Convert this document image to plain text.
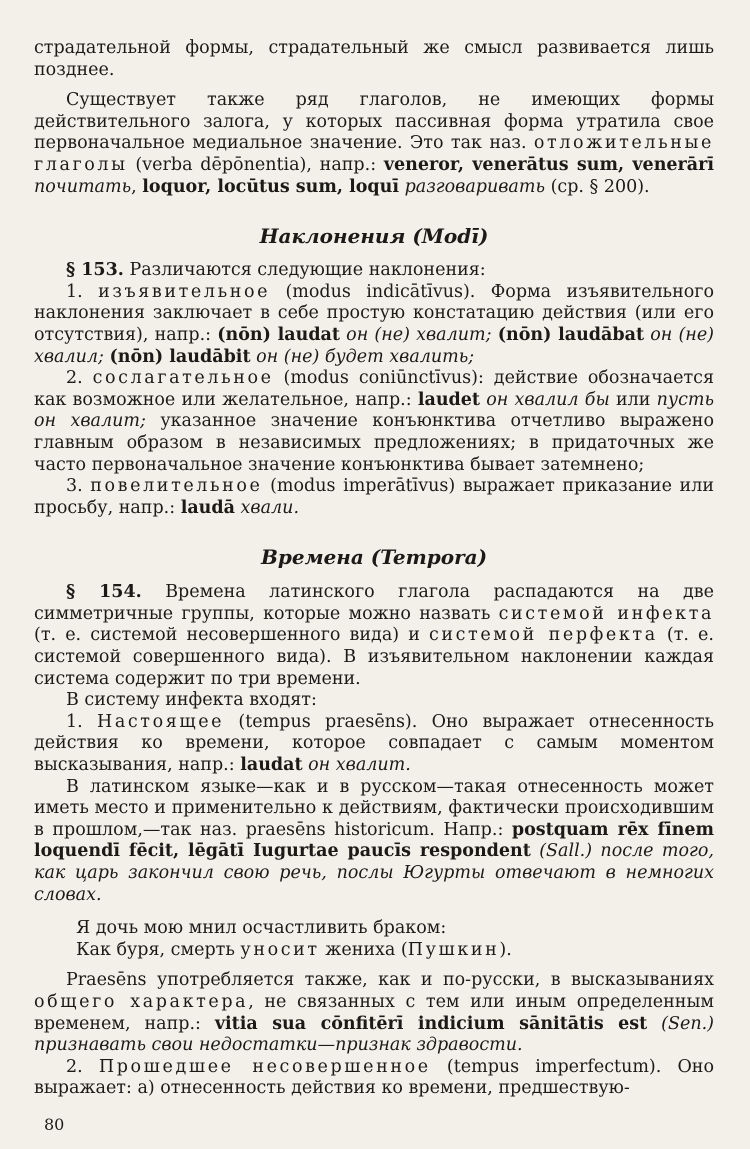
страдательной формы, страдательный же смысл развивается лишь позднее.

Существует также ряд глаголов, не имеющих формы действительного залога, у которых пассивная форма утратила свое первоначальное медиальное значение. Это так наз. отложительные глаголы (verba dēpōnentia), напр.: veneror, venerātus sum, venerārī почитать, loquor, locūtus sum, loquī разговаривать (ср. § 200).

Наклонения (Modī)

§ 153. Различаются следующие наклонения:

1. изъявительное (modus indicātīvus). Форма изъявительного наклонения заключает в себе простую констатацию действия (или его отсутствия), напр.: (nōn) laudat он (не) хвалит; (nōn) laudābat он (не) хвалил; (nōn) laudābit он (не) будет хвалить;

2. сослагательное (modus coniūnctīvus): действие обозначается как возможное или желательное, напр.: laudet он хвалил бы или пусть он хвалит; указанное значение конъюнктива отчетливо выражено главным образом в независимых предложениях; в придаточных же часто первоначальное значение конъюнктива бывает затемнено;

3. повелительное (modus imperātīvus) выражает приказание или просьбу, напр.: laudā хвали.

Времена (Tempora)

§ 154. Времена латинского глагола распадаются на две симметричные группы, которые можно назвать системой инфекта (т. е. системой несовершенного вида) и системой перфекта (т. е. системой совершенного вида). В изъявительном наклонении каждая система содержит по три времени.

В систему инфекта входят:

1. Настоящее (tempus praesēns). Оно выражает отнесенность действия ко времени, которое совпадает с самым моментом высказывания, напр.: laudat он хвалит.

В латинском языке—как и в русском—такая отнесенность может иметь место и применительно к действиям, фактически происходившим в прошлом,—так наз. praesēns historicum. Напр.: postquam rēx fīnem loquendī fēcit, lēgātī Iugurtae paucīs respondent (Sall.) после того, как царь закончил свою речь, послы Югурты отвечают в немногих словах.

Я дочь мою мнил осчастливить браком:

Как буря, смерть уносит жениха (Пушкин).

Praesēns употребляется также, как и по-русски, в высказываниях общего характера, не связанных с тем или иным определенным временем, напр.: vitia sua cōnfitērī indicium sānitātis est (Sen.) признавать свои недостатки—признак здравости.

2. Прошедшее несовершенное (tempus imperfectum). Оно выражает: а) отнесенность действия ко времени, предшествую-

80
